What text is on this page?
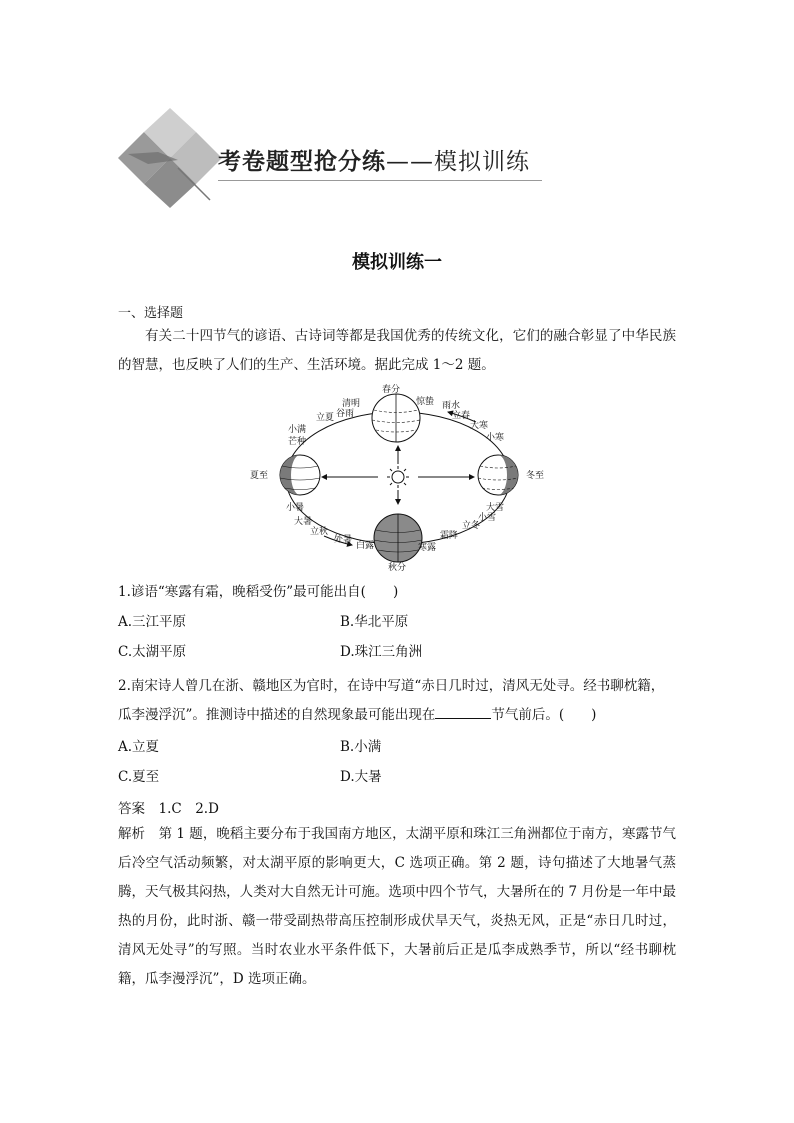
考卷题型抢分练——模拟训练
模拟训练一
一、选择题
有关二十四节气的谚语、古诗词等都是我国优秀的传统文化，它们的融合彰显了中华民族的智慧，也反映了人们的生产、生活环境。据此完成 1～2 题。
春分
清明
谷雨
立夏
小满
芒种
夏至
小暑
大暑
立秋
处暑
白露
秋分
寒露
霜降
立冬
小雪
大雪
冬至
小寒
大寒
立春
雨水
惊蛰
1.谚语“寒露有霜，晚稻受伤”最可能出自(　　)
A.三江平原	B.华北平原
C.太湖平原	D.珠江三角洲
2.南宋诗人曾几在浙、赣地区为官时，在诗中写道“赤日几时过，清风无处寻。经书聊枕籍，
瓜李漫浮沉”。推测诗中描述的自然现象最可能出现在	节气前后。(　　)
A.立夏	B.小满
C.夏至	D.大暑
答案　 1.C　2.D
解析　 第 1 题，晚稻主要分布于我国南方地区，太湖平原和珠江三角洲都位于南方，寒露节气后冷空气活动频繁，对太湖平原的影响更大，C 选项正确。第 2 题，诗句描述了大地暑气蒸腾，天气极其闷热，人类对大自然无计可施。选项中四个节气，大暑所在的 7 月份是一年中最热的月份，此时浙、赣一带受副热带高压控制形成伏旱天气，炎热无风，正是“赤日几时过，清风无处寻”的写照。当时农业水平条件低下，大暑前后正是瓜李成熟季节，所以“经书聊枕籍，瓜李漫浮沉”，D 选项正确。
